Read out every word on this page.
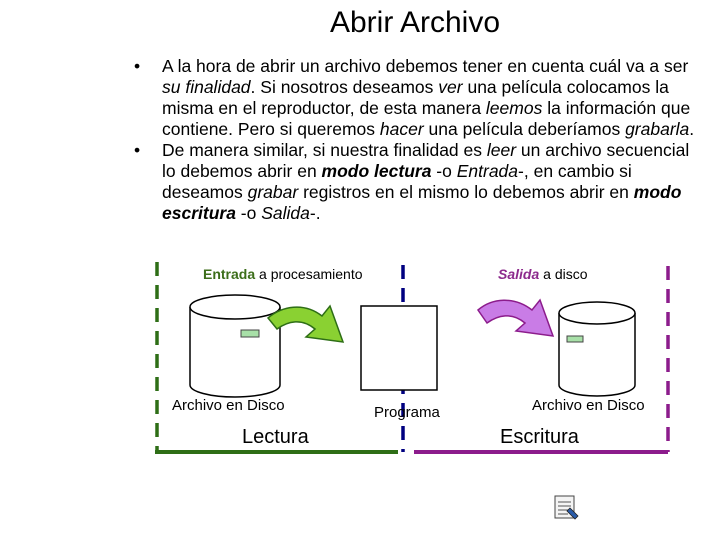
Abrir Archivo
• A la hora de abrir un archivo debemos tener en cuenta cuál va a ser su finalidad. Si nosotros deseamos ver una película colocamos la misma en el reproductor, de esta manera leemos la información que contiene. Pero si queremos hacer una película deberíamos grabarla.
• De manera similar, si nuestra finalidad es leer un archivo secuencial lo debemos abrir en modo lectura -o Entrada-, en cambio si deseamos grabar registros en el mismo lo debemos abrir en modo escritura -o Salida-.
Entrada a procesamiento	Salida a disco
Archivo en Disco	Programa	Archivo en Disco
Lectura	Escritura
